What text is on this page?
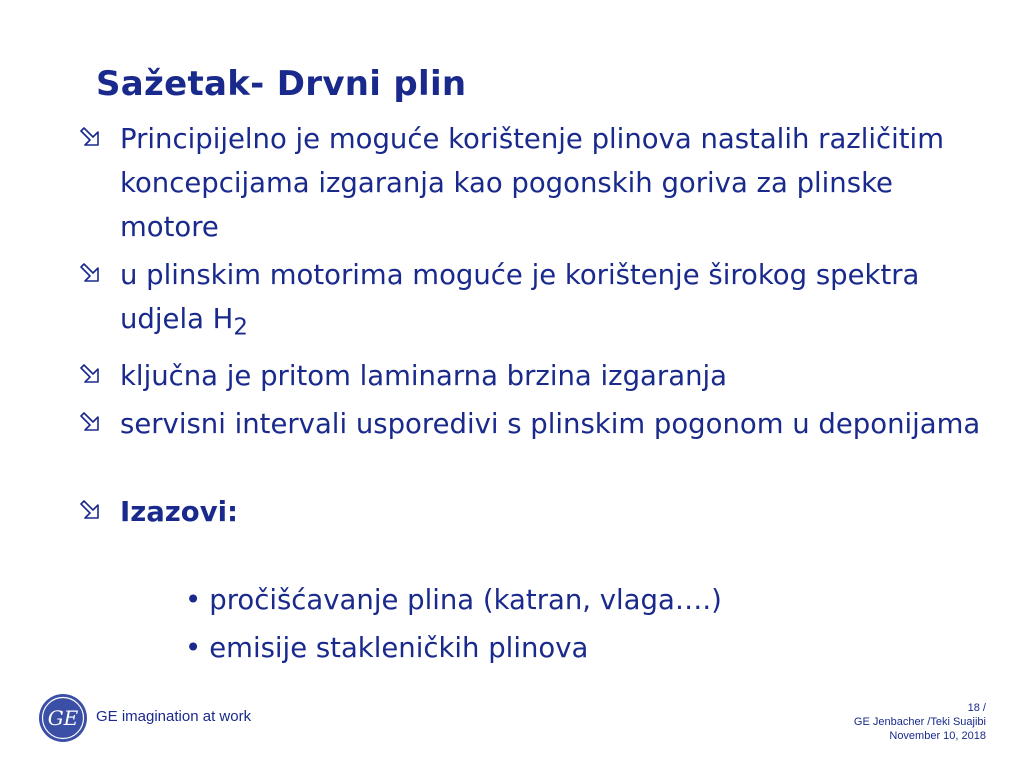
Sažetak- Drvni plin
Principijelno je moguće korištenje plinova nastalih različitim koncepcijama izgaranja kao pogonskih goriva za plinske motore
u plinskim motorima moguće je korištenje širokog spektra udjela $H_2$
ključna je pritom laminarna brzina izgaranja
servisni intervali usporedivi s plinskim pogonom u deponijama
Izazovi:
• pročišćavanje plina (katran, vlaga….)
• emisije stakleničkih plinova
GE GE imagination at work	18 /
GE Jenbacher /Teki Suajibi
November 10, 2018
